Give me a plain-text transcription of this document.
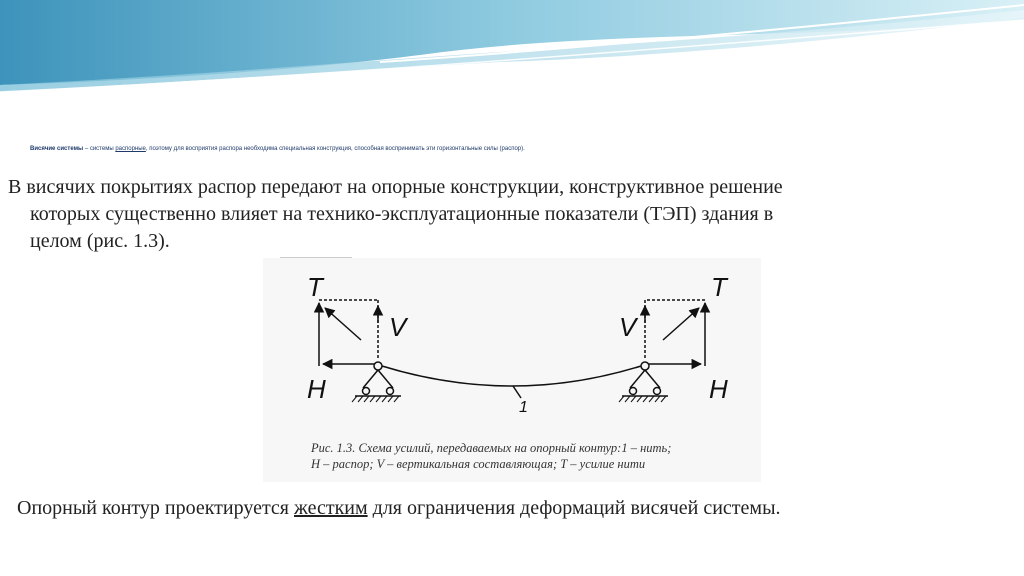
Висячие системы – системы распорные, поэтому для восприятия распора необходима специальная конструкция, способная воспринимать эти горизонтальные силы (распор).
В висячих покрытиях распор передают на опорные конструкции, конструктивное решение
которых существенно влияет на технико-эксплуатационные показатели (ТЭП) здания в
целом (рис. 1.3).
T
V
H
T
V
H
1
Рис. 1.3. Схема усилий, передаваемых на опорный контур:1 – нить;
Н – распор; V – вертикальная составляющая; Т – усилие нити
Опорный контур проектируется жестким для ограничения деформаций висячей системы.
